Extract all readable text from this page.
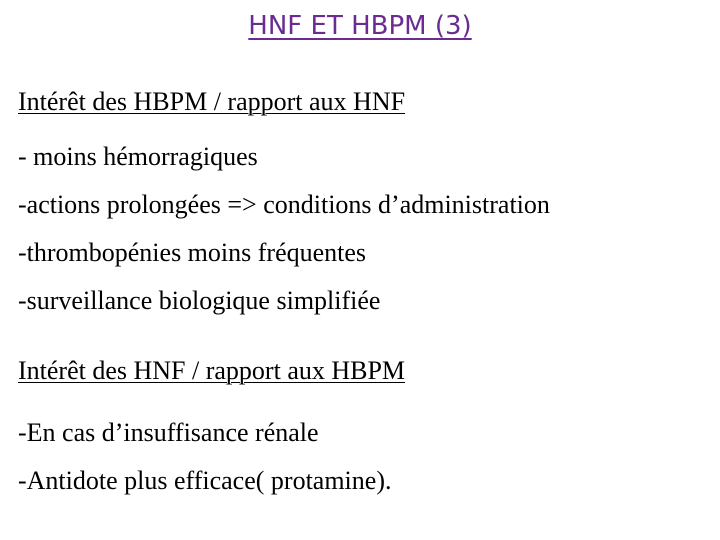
HNF ET HBPM (3)

Intérêt des HBPM / rapport aux HNF

- moins hémorragiques
-actions prolongées => conditions d’administration
-thrombopénies moins fréquentes
-surveillance biologique simplifiée

Intérêt des HNF / rapport aux HBPM

-En cas d’insuffisance rénale
-Antidote plus efficace( protamine).
